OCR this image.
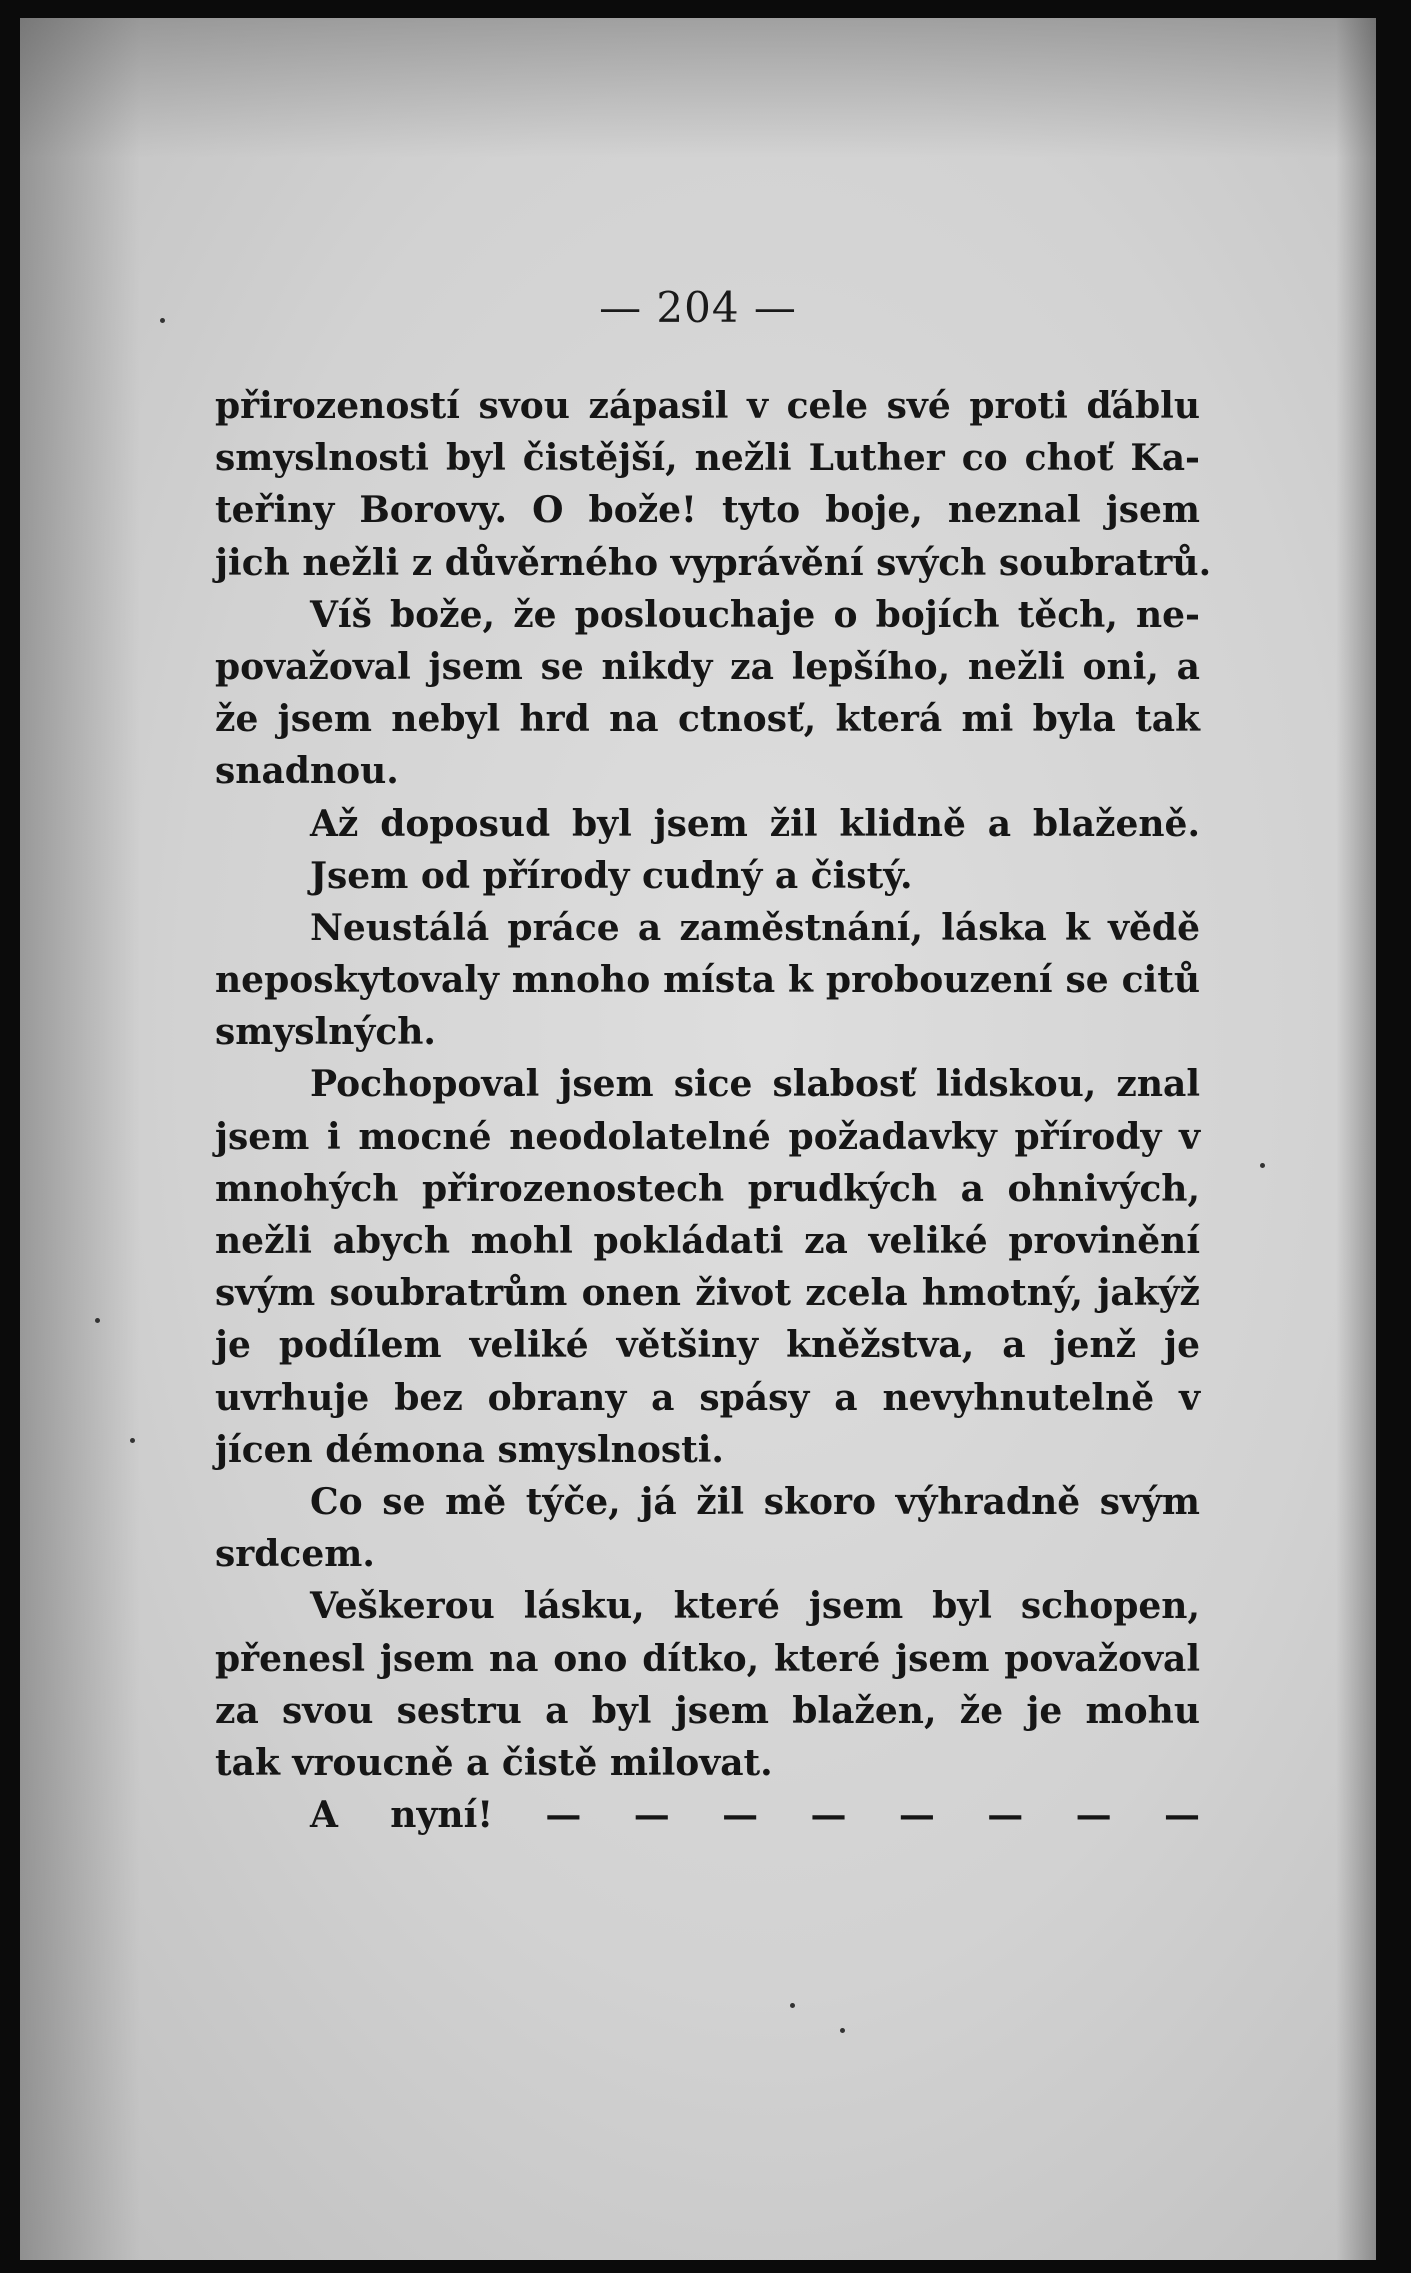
— 204 —
přirozeností svou zápasil v cele své proti ďáblu
smyslnosti byl čistější, nežli Luther co choť Ka-
teřiny Borovy. O bože! tyto boje, neznal jsem
jich nežli z důvěrného vyprávění svých soubratrů.
Víš bože, že poslouchaje o bojích těch, ne-
považoval jsem se nikdy za lepšího, nežli oni, a
že jsem nebyl hrd na ctnosť, která mi byla tak
snadnou.
Až doposud byl jsem žil klidně a blaženě.
Jsem od přírody cudný a čistý.
Neustálá práce a zaměstnání, láska k vědě
neposkytovaly mnoho místa k probouzení se citů
smyslných.
Pochopoval jsem sice slabosť lidskou, znal
jsem i mocné neodolatelné požadavky přírody v
mnohých přirozenostech prudkých a ohnivých,
nežli abych mohl pokládati za veliké provinění
svým soubratrům onen život zcela hmotný, jakýž
je podílem veliké většiny kněžstva, a jenž je
uvrhuje bez obrany a spásy a nevyhnutelně v
jícen démona smyslnosti.
Co se mě týče, já žil skoro výhradně svým
srdcem.
Veškerou lásku, které jsem byl schopen,
přenesl jsem na ono dítko, které jsem považoval
za svou sestru a byl jsem blažen, že je mohu
tak vroucně a čistě milovat.
A nyní! — — — — — — — —
